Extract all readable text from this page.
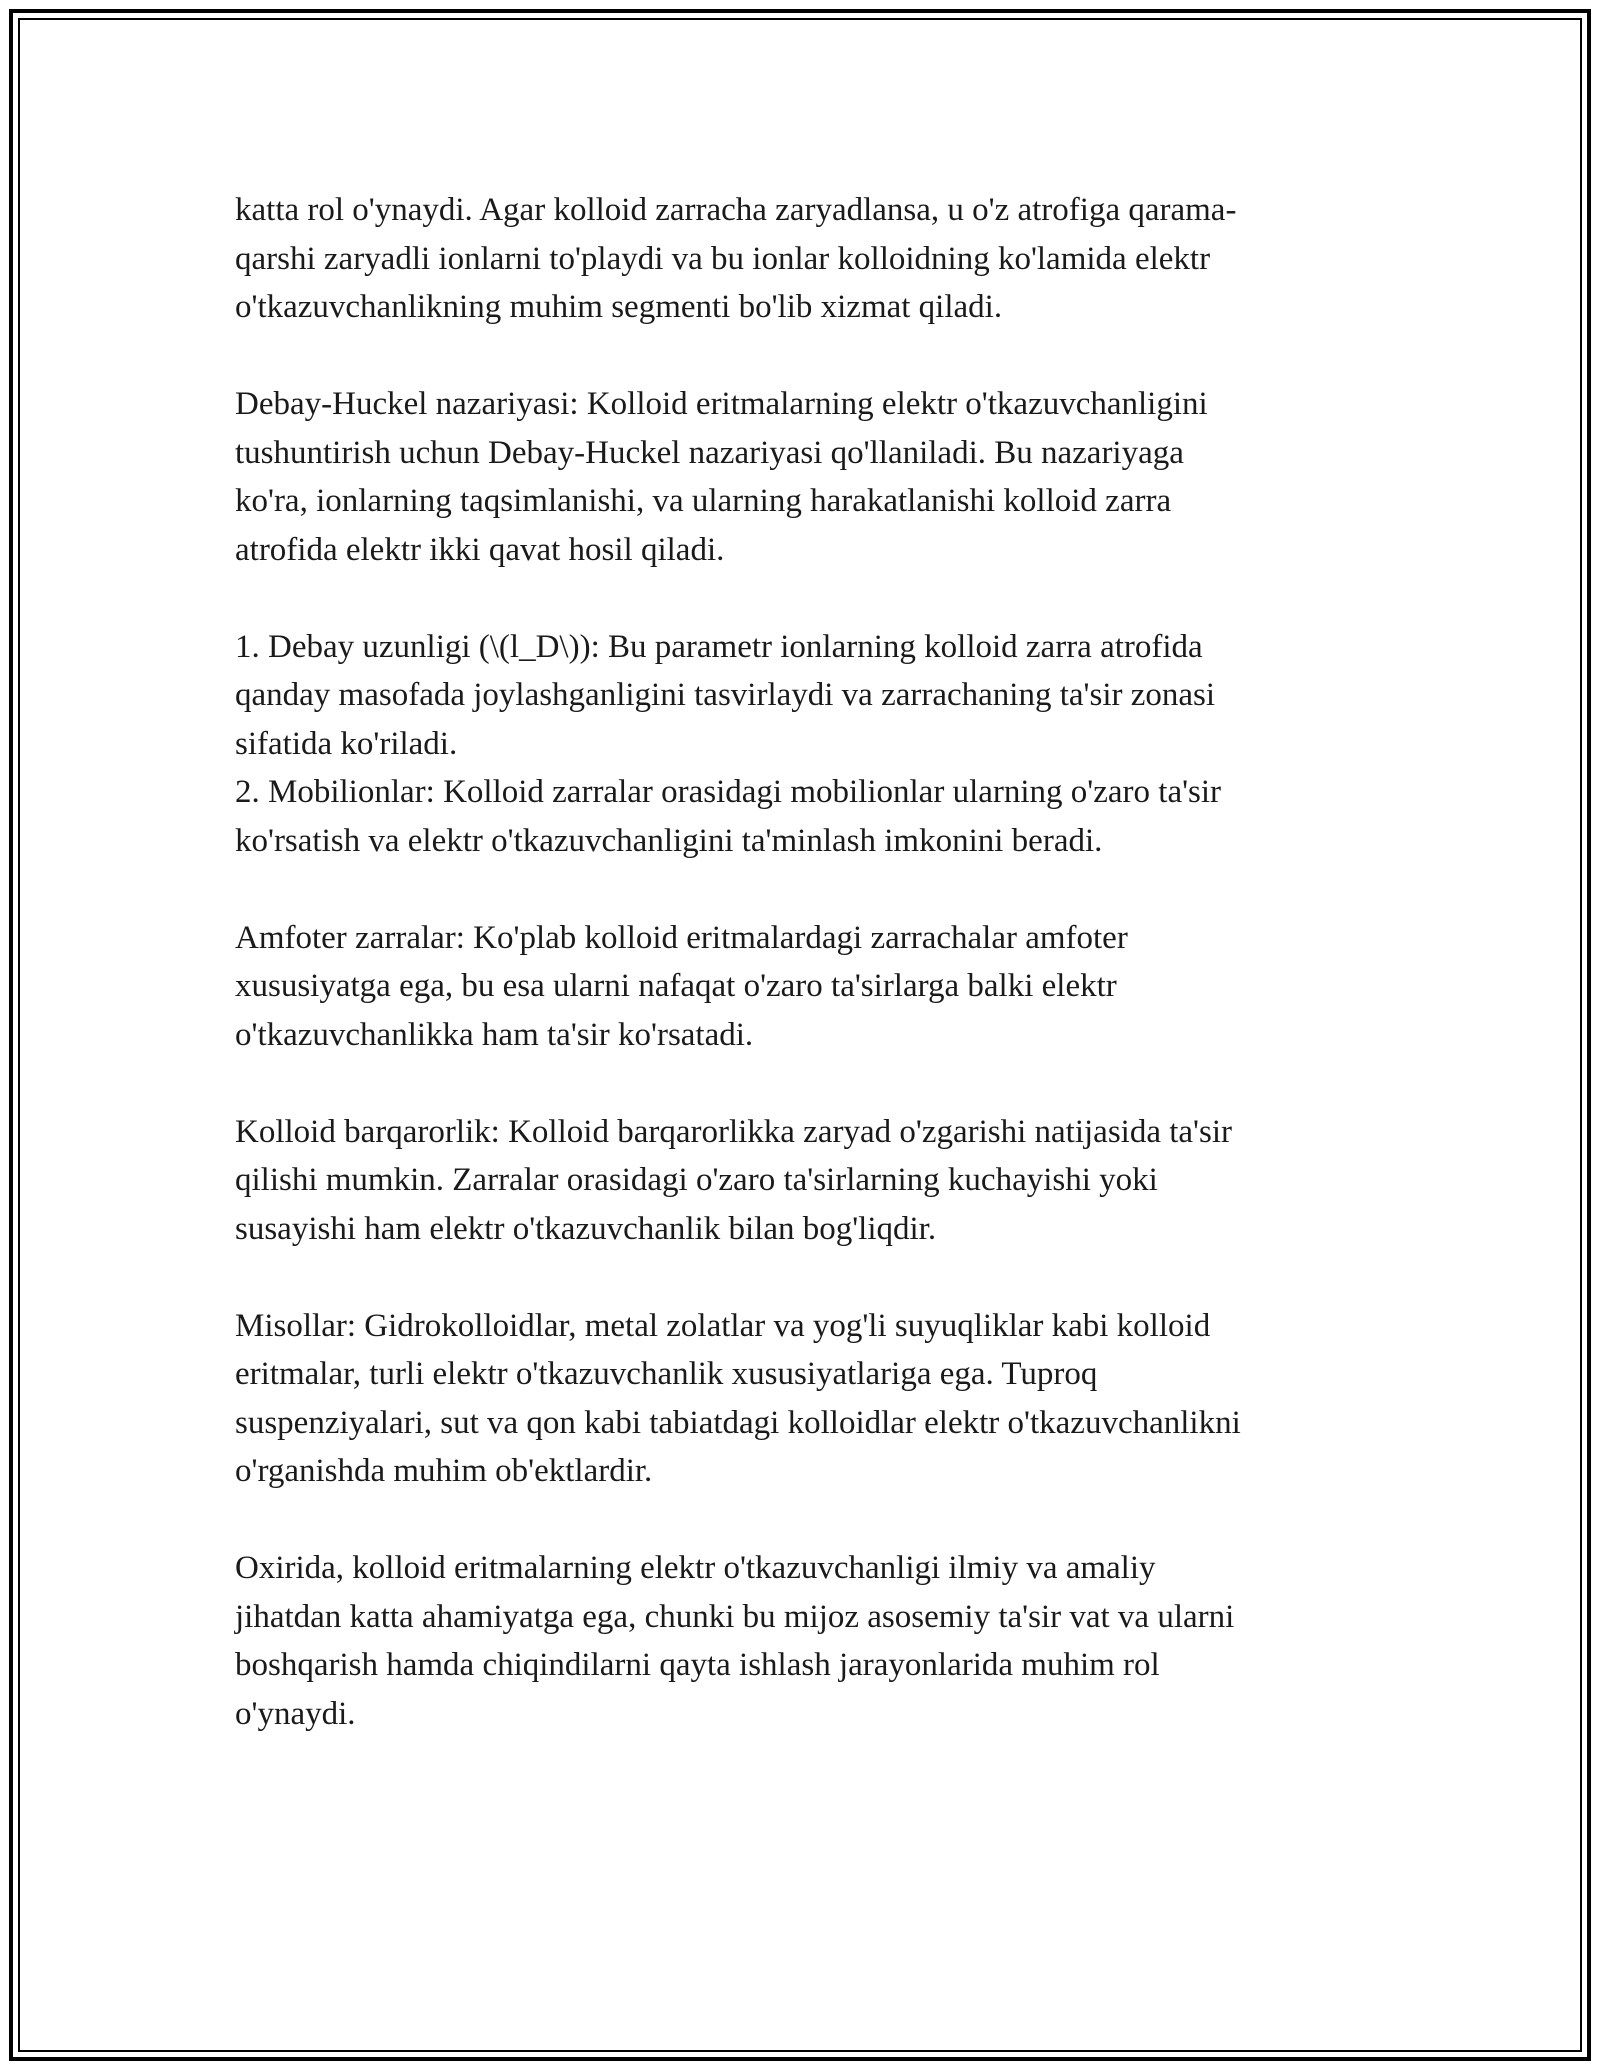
katta rol o'ynaydi. Agar kolloid zarracha zaryadlansa, u o'z atrofiga qarama-
qarshi zaryadli ionlarni to'playdi va bu ionlar kolloidning ko'lamida elektr
o'tkazuvchanlikning muhim segmenti bo'lib xizmat qiladi.

Debay-Huckel nazariyasi: Kolloid eritmalarning elektr o'tkazuvchanligini
tushuntirish uchun Debay-Huckel nazariyasi qo'llaniladi. Bu nazariyaga
ko'ra, ionlarning taqsimlanishi, va ularning harakatlanishi kolloid zarra
atrofida elektr ikki qavat hosil qiladi.

1. Debay uzunligi (\(l_D\)): Bu parametr ionlarning kolloid zarra atrofida
qanday masofada joylashganligini tasvirlaydi va zarrachaning ta'sir zonasi
sifatida ko'riladi.

2. Mobilionlar: Kolloid zarralar orasidagi mobilionlar ularning o'zaro ta'sir
ko'rsatish va elektr o'tkazuvchanligini ta'minlash imkonini beradi.

Amfoter zarralar: Ko'plab kolloid eritmalardagi zarrachalar amfoter
xususiyatga ega, bu esa ularni nafaqat o'zaro ta'sirlarga balki elektr
o'tkazuvchanlikka ham ta'sir ko'rsatadi.

Kolloid barqarorlik: Kolloid barqarorlikka zaryad o'zgarishi natijasida ta'sir
qilishi mumkin. Zarralar orasidagi o'zaro ta'sirlarning kuchayishi yoki
susayishi ham elektr o'tkazuvchanlik bilan bog'liqdir.

Misollar: Gidrokolloidlar, metal zolatlar va yog'li suyuqliklar kabi kolloid
eritmalar, turli elektr o'tkazuvchanlik xususiyatlariga ega. Tuproq
suspenziyalari, sut va qon kabi tabiatdagi kolloidlar elektr o'tkazuvchanlikni
o'rganishda muhim ob'ektlardir.

Oxirida, kolloid eritmalarning elektr o'tkazuvchanligi ilmiy va amaliy
jihatdan katta ahamiyatga ega, chunki bu mijoz asosemiy ta'sir vat va ularni
boshqarish hamda chiqindilarni qayta ishlash jarayonlarida muhim rol
o'ynaydi.
